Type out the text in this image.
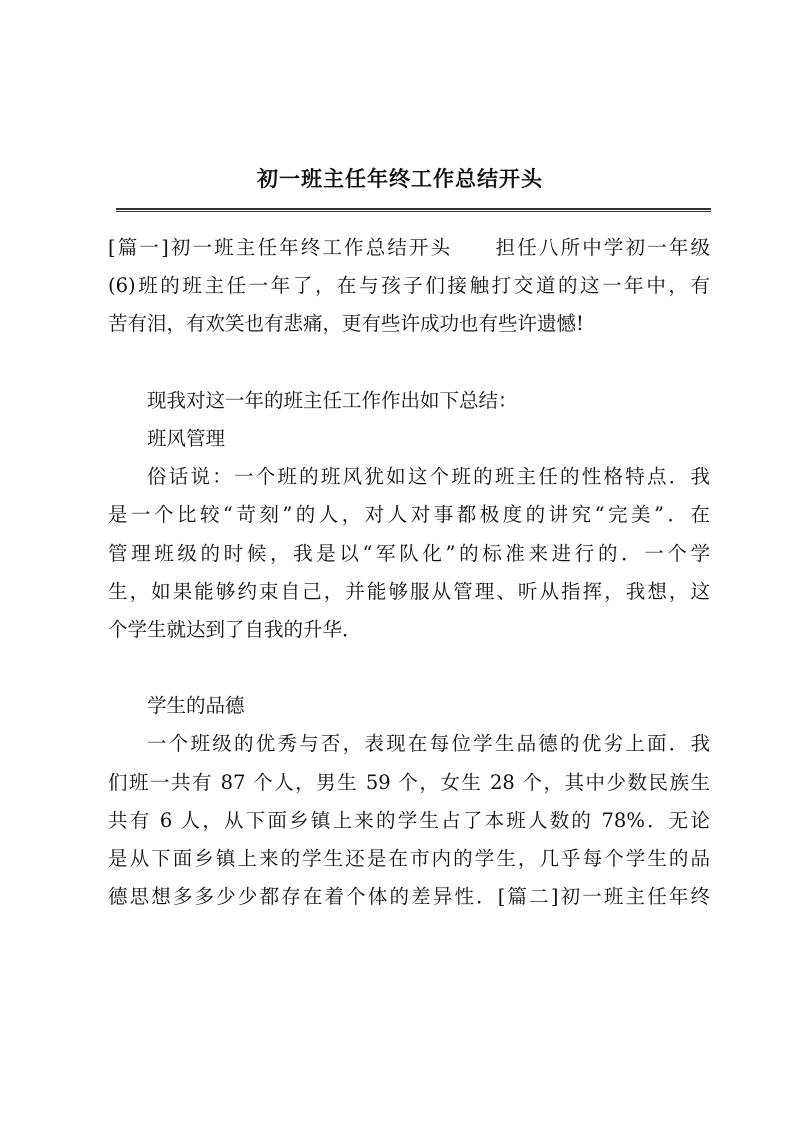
初一班主任年终工作总结开头
[篇一]初一班主任年终工作总结开头　　担任八所中学初一年级
(6)班的班主任一年了，在与孩子们接触打交道的这一年中，有
苦有泪，有欢笑也有悲痛，更有些许成功也有些许遗憾!
现我对这一年的班主任工作作出如下总结：
班风管理
俗话说：一个班的班风犹如这个班的班主任的性格特点．我
是一个比较“苛刻”的人，对人对事都极度的讲究“完美”．在
管理班级的时候，我是以“军队化”的标准来进行的．一个学
生，如果能够约束自己，并能够服从管理、听从指挥，我想，这
个学生就达到了自我的升华．
学生的品德
一个班级的优秀与否，表现在每位学生品德的优劣上面．我
们班一共有 87 个人，男生 59 个，女生 28 个，其中少数民族生
共有 6 人，从下面乡镇上来的学生占了本班人数的 78%．无论
是从下面乡镇上来的学生还是在市内的学生，几乎每个学生的品
德思想多多少少都存在着个体的差异性．[篇二]初一班主任年终
